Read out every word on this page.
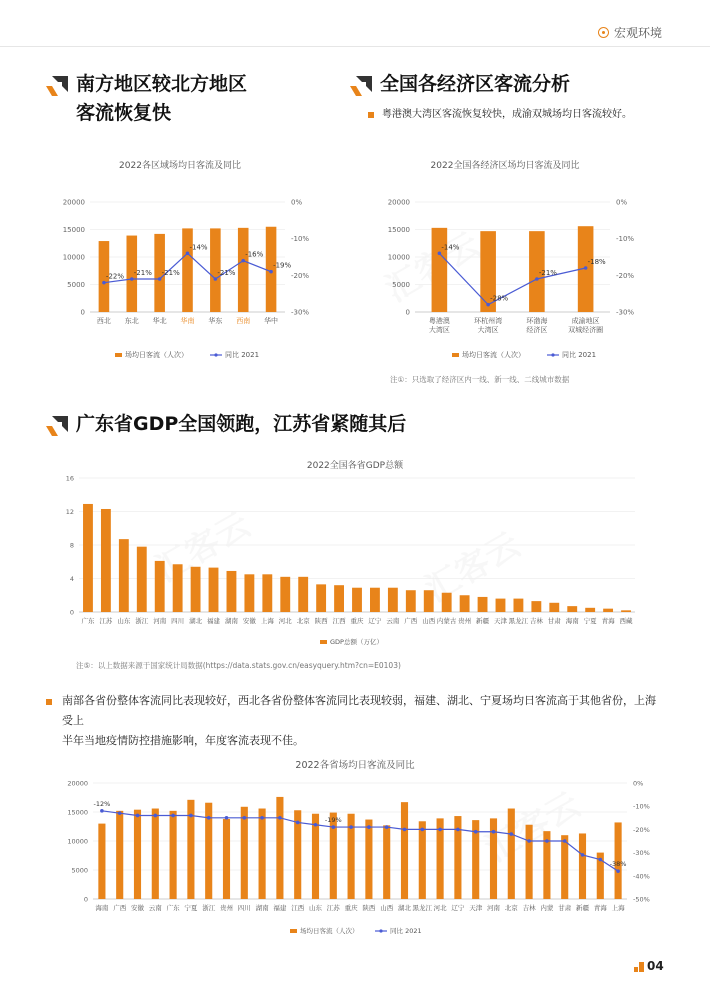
宏观环境
南方地区较北方地区
客流恢复快
全国各经济区客流分析
粤港澳大湾区客流恢复较快，成渝双城场均日客流较好。
2022各区域场均日客流及同比
0
5000
10000
15000
20000	0%
-10%
-20%
-30%
西北 东北 华北 华南 华东 西南 华中
-22% -21% -21%
-14%
-21%
-16%
-19%
场均日客流（人次）	同比 2021
2022全国各经济区场均日客流及同比
0
5000
10000
15000
20000	0%
-10%
-20%
-30%
粤港澳
大湾区
环杭州湾
大湾区
环渤海
经济区
成渝地区
双城经济圈
-14%
-28%
-21%
-18%
场均日客流（人次）	同比 2021
注①：只选取了经济区内一线、新一线、二线城市数据
广东省GDP全国领跑，江苏省紧随其后
2022全国各省GDP总额
0
4
8
12
16
广东 江苏 山东 浙江 河南 四川 湖北 福建 湖南 安徽 上海 河北 北京 陕西 江西 重庆 辽宁 云南 广西 山西 内蒙古 贵州 新疆 天津 黑龙江 吉林 甘肃 海南 宁夏 青海 西藏
GDP总额（万亿）
注⑤：以上数据来源于国家统计局数据(https://data.stats.gov.cn/easyquery.htm?cn=E0103)
南部各省份整体客流同比表现较好，西北各省份整体客流同比表现较弱，福建、湖北、宁夏场均日客流高于其他省份，上海受上
半年当地疫情防控措施影响，年度客流表现不佳。
2022各省场均日客流及同比
0
5000
10000
15000
20000	0%
-10%
-20%
-30%
-40%
-50%
海南 广西 安徽 云南 广东 宁夏 浙江 贵州 四川 湖南 福建 江西 山东 江苏 重庆 陕西 山西 湖北 黑龙江 河北 辽宁 天津 河南 北京 吉林 内蒙 甘肃 新疆 青海 上海
-12%
-19%
-38%
场均日客流（人次）	同比 2021
04
